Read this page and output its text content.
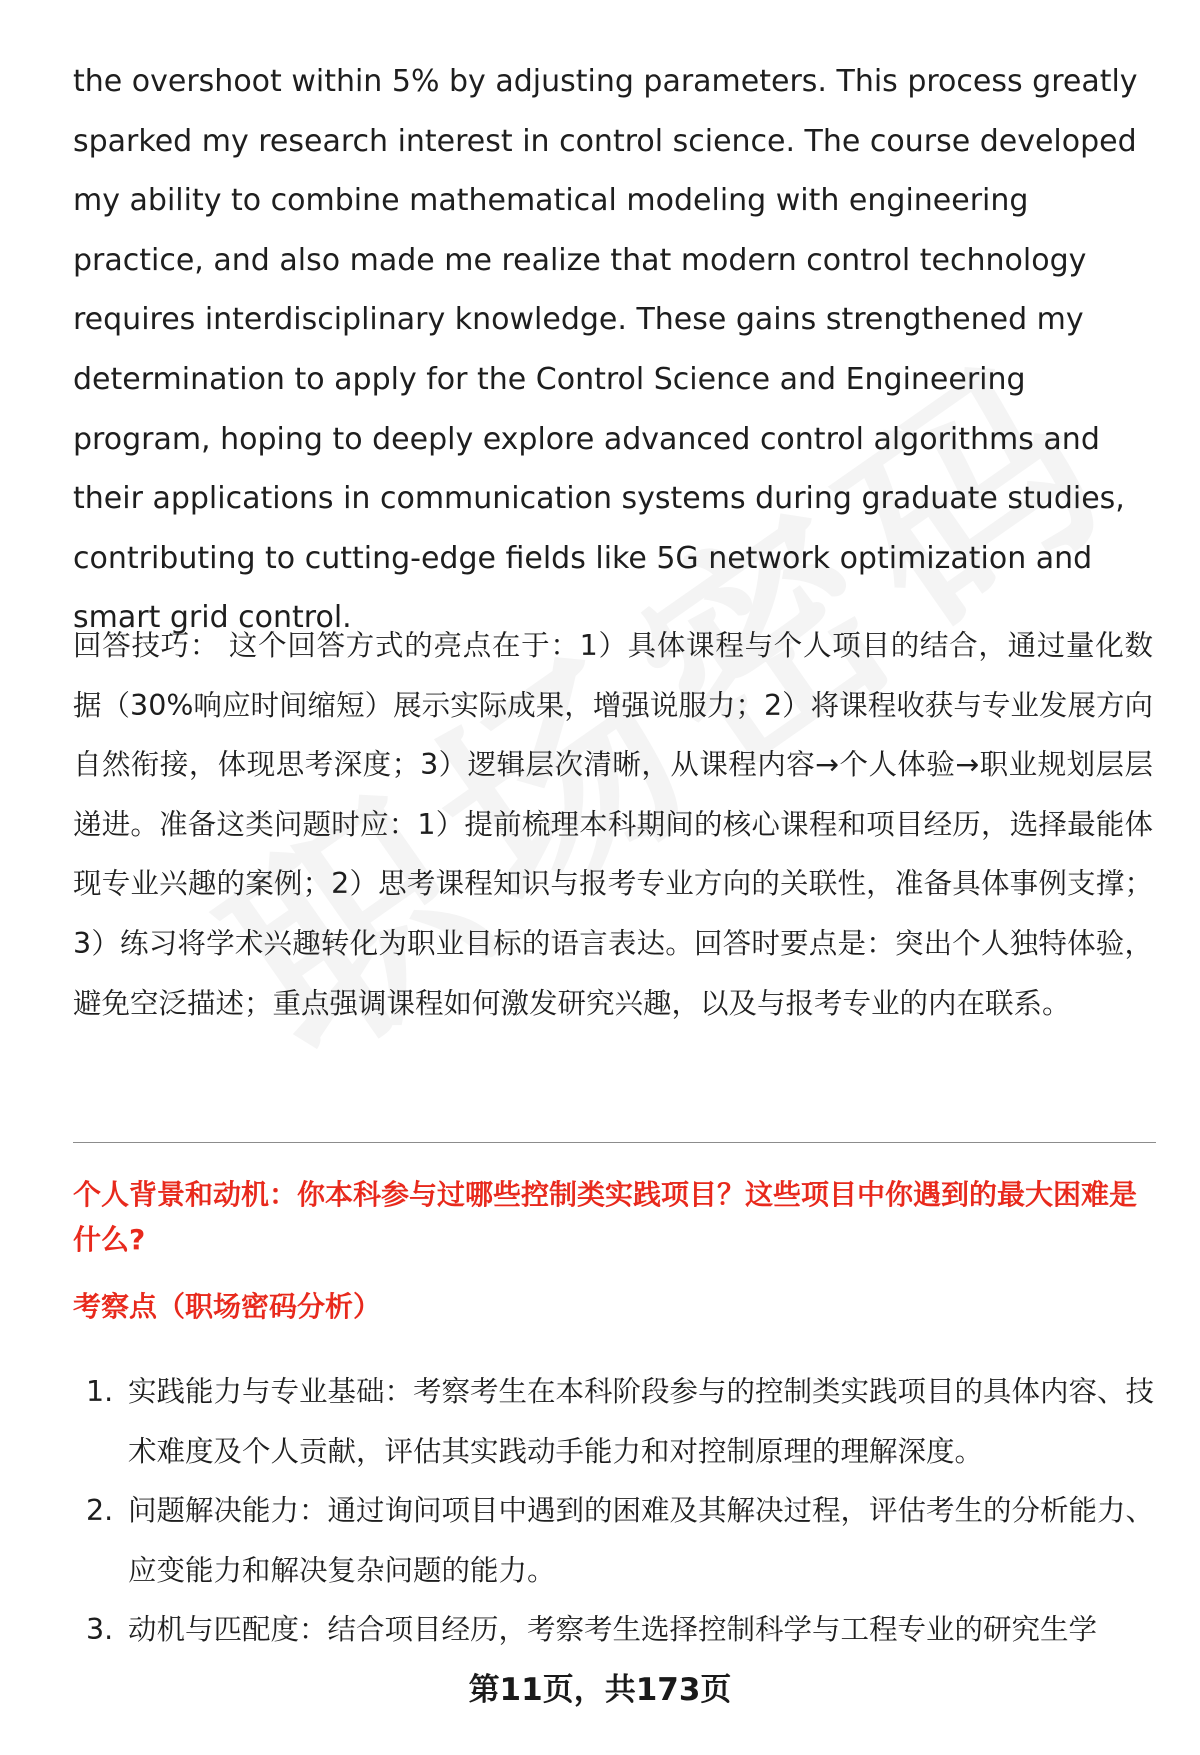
the overshoot within 5% by adjusting parameters. This process greatly sparked my research interest in control science. The course developed my ability to combine mathematical modeling with engineering practice, and also made me realize that modern control technology requires interdisciplinary knowledge. These gains strengthened my determination to apply for the Control Science and Engineering program, hoping to deeply explore advanced control algorithms and their applications in communication systems during graduate studies, contributing to cutting-edge fields like 5G network optimization and smart grid control.

回答技巧： 这个回答方式的亮点在于：1）具体课程与个人项目的结合，通过量化数据（30%响应时间缩短）展示实际成果，增强说服力；2）将课程收获与专业发展方向自然衔接，体现思考深度；3）逻辑层次清晰，从课程内容→个人体验→职业规划层层递进。准备这类问题时应：1）提前梳理本科期间的核心课程和项目经历，选择最能体现专业兴趣的案例；2）思考课程知识与报考专业方向的关联性，准备具体事例支撑；3）练习将学术兴趣转化为职业目标的语言表达。回答时要点是：突出个人独特体验，避免空泛描述；重点强调课程如何激发研究兴趣，以及与报考专业的内在联系。

个人背景和动机：你本科参与过哪些控制类实践项目？这些项目中你遇到的最大困难是什么?

考察点（职场密码分析）

1. 实践能力与专业基础：考察考生在本科阶段参与的控制类实践项目的具体内容、技术难度及个人贡献，评估其实践动手能力和对控制原理的理解深度。
2. 问题解决能力：通过询问项目中遇到的困难及其解决过程，评估考生的分析能力、应变能力和解决复杂问题的能力。
3. 动机与匹配度：结合项目经历，考察考生选择控制科学与工程专业的研究生学
第11页，共173页
